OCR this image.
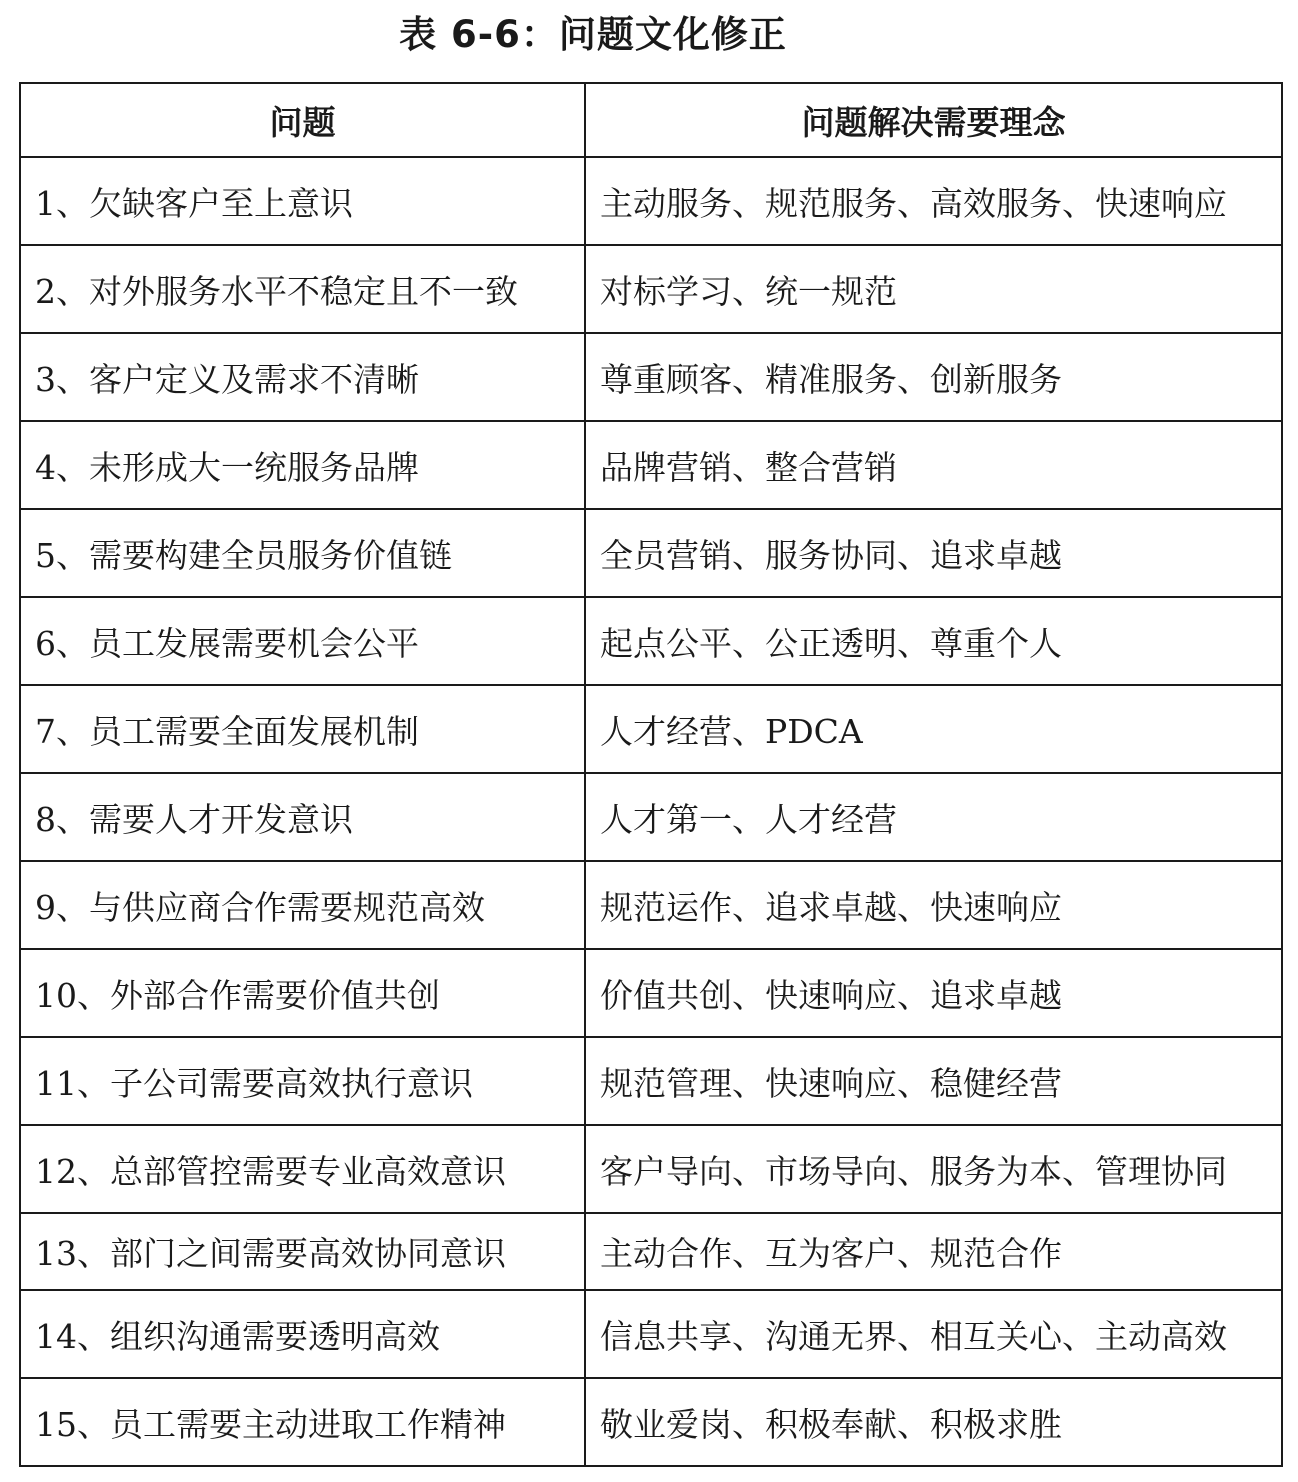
表 6-6：问题文化修正
问题	问题解决需要理念
1、欠缺客户至上意识	主动服务、规范服务、高效服务、快速响应
2、对外服务水平不稳定且不一致	对标学习、统一规范
3、客户定义及需求不清晰	尊重顾客、精准服务、创新服务
4、未形成大一统服务品牌	品牌营销、整合营销
5、需要构建全员服务价值链	全员营销、服务协同、追求卓越
6、员工发展需要机会公平	起点公平、公正透明、尊重个人
7、员工需要全面发展机制	人才经营、PDCA
8、需要人才开发意识	人才第一、人才经营
9、与供应商合作需要规范高效	规范运作、追求卓越、快速响应
10、外部合作需要价值共创	价值共创、快速响应、追求卓越
11、子公司需要高效执行意识	规范管理、快速响应、稳健经营
12、总部管控需要专业高效意识	客户导向、市场导向、服务为本、管理协同
13、部门之间需要高效协同意识	主动合作、互为客户、规范合作
14、组织沟通需要透明高效	信息共享、沟通无界、相互关心、主动高效
15、员工需要主动进取工作精神	敬业爱岗、积极奉献、积极求胜
